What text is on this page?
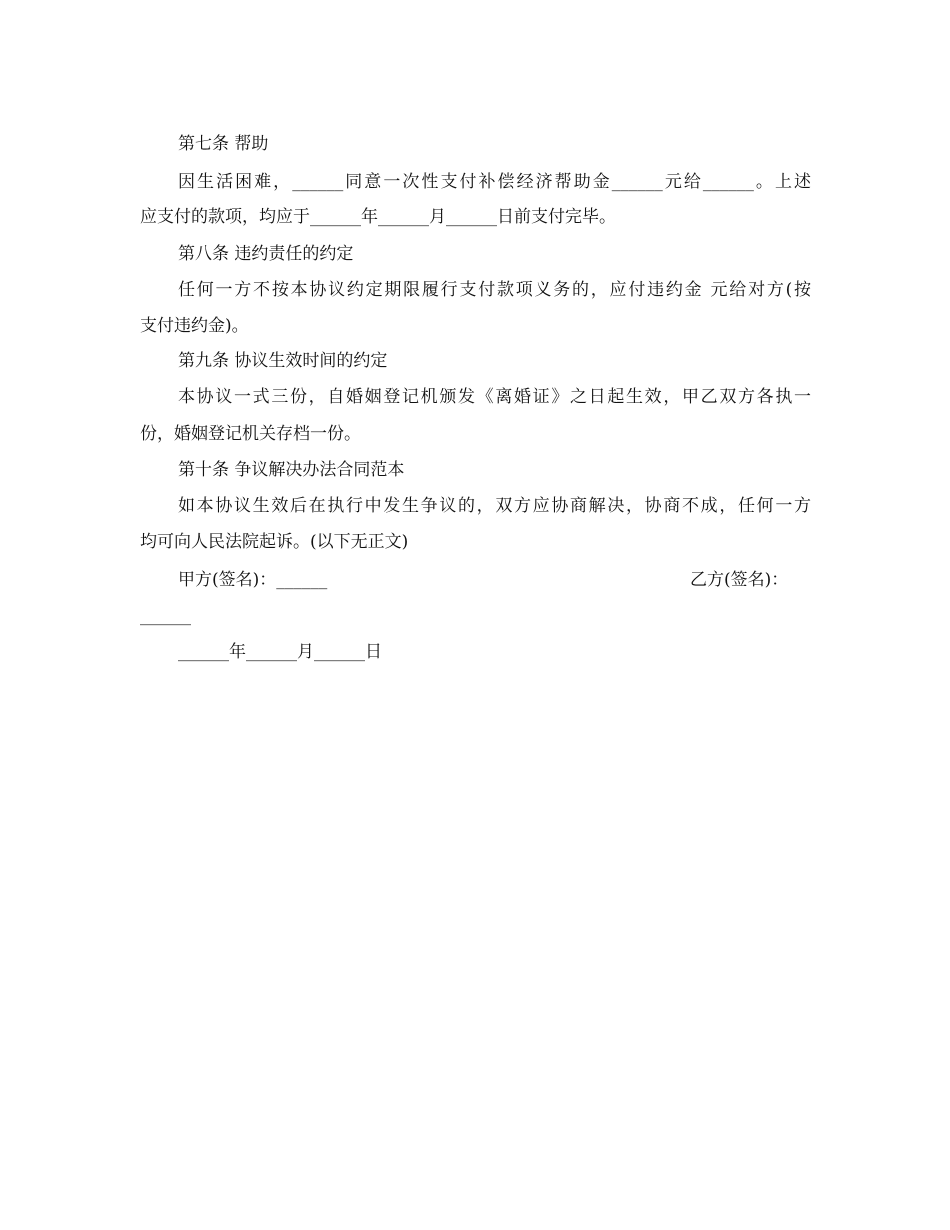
第七条 帮助
因生活困难，______同意一次性支付补偿经济帮助金______元给______。上述
应支付的款项，均应于______年______月______日前支付完毕。
第八条 违约责任的约定
任何一方不按本协议约定期限履行支付款项义务的，应付违约金 元给对方(按
支付违约金)。
第九条 协议生效时间的约定
本协议一式三份，自婚姻登记机颁发《离婚证》之日起生效，甲乙双方各执一
份，婚姻登记机关存档一份。
第十条 争议解决办法合同范本
如本协议生效后在执行中发生争议的，双方应协商解决，协商不成，任何一方
均可向人民法院起诉。(以下无正文)
甲方(签名)：______	乙方(签名)：
______
______年______月______日
